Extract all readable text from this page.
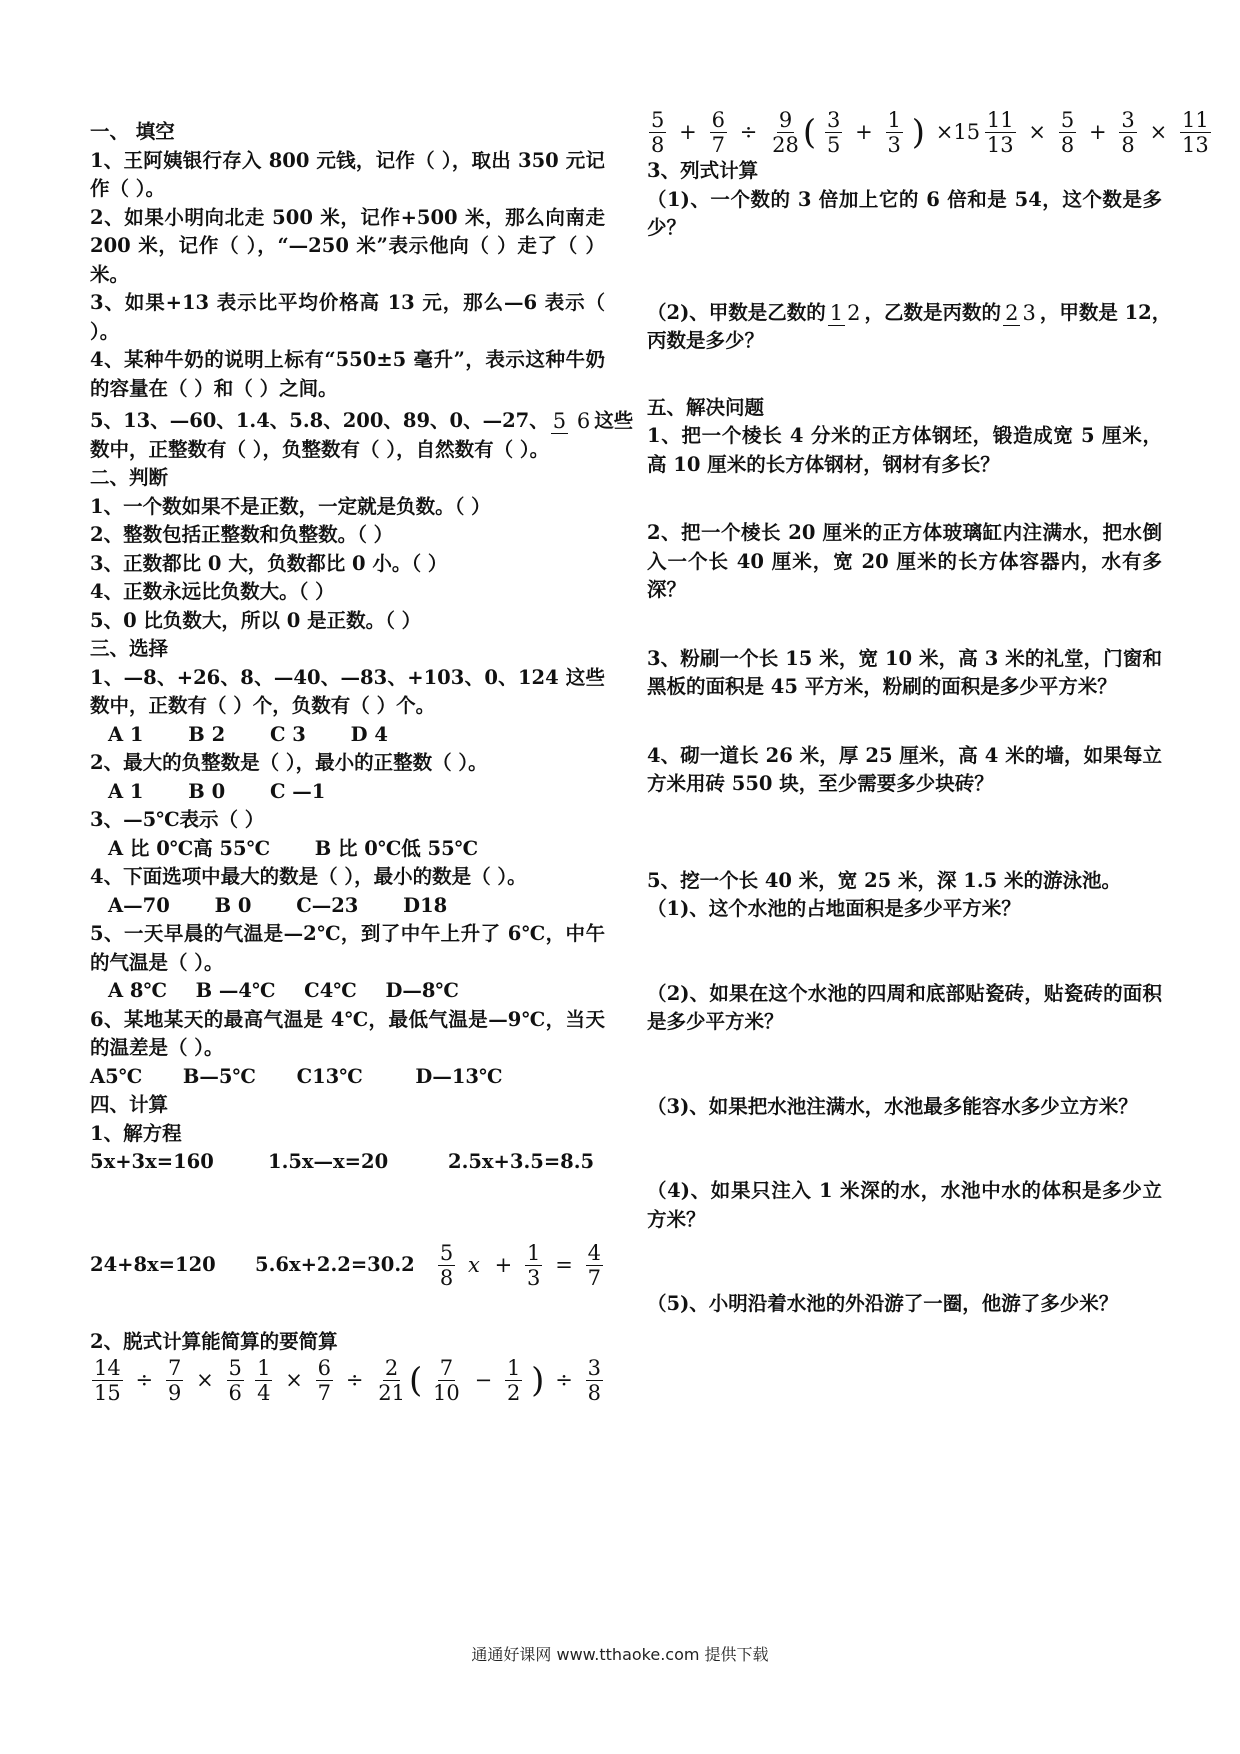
一、 填空
1、王阿姨银行存入 800 元钱，记作（ ），取出 350 元记作（ ）。
2、如果小明向北走 500 米，记作+500 米，那么向南走 200 米，记作（ ），“—250 米”表示他向（ ）走了（ ）米。
3、如果+13 表示比平均价格高 13 元，那么—6 表示（ ）。
4、某种牛奶的说明上标有“550±5 毫升”，表示这种牛奶的容量在（ ）和（ ）之间。
5、13、—60、1.4、5.8、200、89、0、—27、 5 6 这些
数中，正整数有（ ），负整数有（ ），自然数有（ ）。
二、判断
1、一个数如果不是正数，一定就是负数。（ ）
2、整数包括正整数和负整数。（ ）
3、正数都比 0 大，负数都比 0 小。（ ）
4、正数永远比负数大。（ ）
5、0 比负数大，所以 0 是正数。（ ）
三、选择
1、—8、+26、8、—40、—83、+103、0、124 这些数中，正数有（ ）个，负数有（ ）个。
A 1 B 2 C 3 D 4
2、最大的负整数是（ ），最小的正整数（ ）。
A 1 B 0 C —1
3、—5℃表示（ ）
A 比 0℃高 55℃ B 比 0℃低 55℃
4、下面选项中最大的数是（ ），最小的数是（ ）。
A—70 B 0 C—23 D18
5、一天早晨的气温是—2℃，到了中午上升了 6℃，中午的气温是（ ）。
A 8℃ B —4℃ C4℃ D—8℃
6、某地某天的最高气温是 4℃，最低气温是—9℃，当天的温差是（ ）。
A5℃ B—5℃ C13℃	D—13℃
四、计算
1、解方程
5x+3x=160	1.5x—x=20	2.5x+3.5=8.5
24+8x=120	5.6x+2.2=30.2	$\frac{5}{8}$ $x + \frac{1}{3} = \frac{4}{7}$
2、脱式计算能简算的要简算
$\frac{14}{15} \div \frac{7}{9} \times \frac{5}{6} \frac{1}{4} \times \frac{6}{7} \div \frac{2}{21}$ ( $\frac{7}{10} - \frac{1}{2}$ ) ÷ $\frac{3}{8}$
$\frac{5}{8} + \frac{6}{7} \div \frac{9}{28}$ ( $\frac{3}{5} + \frac{1}{3}$ ) $\times 15 \frac{11}{13} \times \frac{5}{8} + \frac{3}{8} \times \frac{11}{13}$
3、列式计算
（1)、一个数的 3 倍加上它的 6 倍和是 54，这个数是多少？
（2)、甲数是乙数的 1 2 ，乙数是丙数的 2 3 ，甲数是 12，
丙数是多少？
五、解决问题
1、把一个棱长 4 分米的正方体钢坯，锻造成宽 5 厘米，高 10 厘米的长方体钢材，钢材有多长？
2、把一个棱长 20 厘米的正方体玻璃缸内注满水，把水倒入一个长 40 厘米，宽 20 厘米的长方体容器内，水有多深？
3、粉刷一个长 15 米，宽 10 米，高 3 米的礼堂，门窗和黑板的面积是 45 平方米，粉刷的面积是多少平方米？
4、砌一道长 26 米，厚 25 厘米，高 4 米的墙，如果每立方米用砖 550 块，至少需要多少块砖？
5、挖一个长 40 米，宽 25 米，深 1.5 米的游泳池。
（1)、这个水池的占地面积是多少平方米？
（2)、如果在这个水池的四周和底部贴瓷砖，贴瓷砖的面积是多少平方米？
（3)、如果把水池注满水，水池最多能容水多少立方米？
（4)、如果只注入 1 米深的水，水池中水的体积是多少立方米？
（5)、小明沿着水池的外沿游了一圈，他游了多少米？
通通好课网 www.tthaoke.com 提供下载
